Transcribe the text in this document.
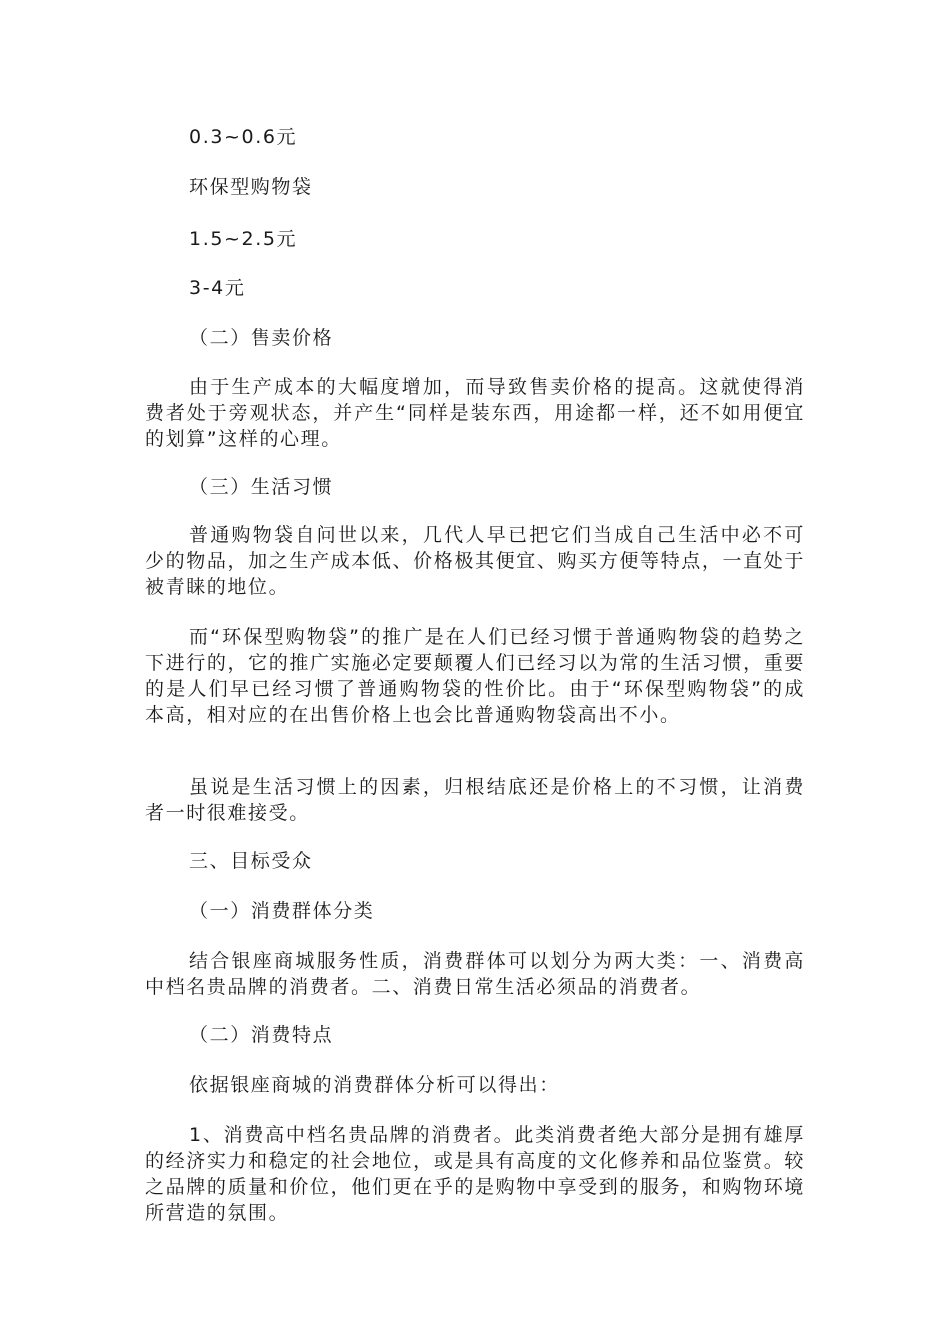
0.3~0.6元

环保型购物袋

1.5~2.5元

3-4元

（二）售卖价格

由于生产成本的大幅度增加，而导致售卖价格的提高。这就使得消费者处于旁观状态，并产生“同样是装东西，用途都一样，还不如用便宜的划算”这样的心理。

（三）生活习惯

普通购物袋自问世以来，几代人早已把它们当成自己生活中必不可少的物品，加之生产成本低、价格极其便宜、购买方便等特点，一直处于被青睐的地位。

而“环保型购物袋”的推广是在人们已经习惯于普通购物袋的趋势之下进行的，它的推广实施必定要颠覆人们已经习以为常的生活习惯，重要的是人们早已经习惯了普通购物袋的性价比。由于“环保型购物袋”的成本高，相对应的在出售价格上也会比普通购物袋高出不小。

虽说是生活习惯上的因素，归根结底还是价格上的不习惯，让消费者一时很难接受。

三、目标受众

（一）消费群体分类

结合银座商城服务性质，消费群体可以划分为两大类：一、消费高中档名贵品牌的消费者。二、消费日常生活必须品的消费者。

（二）消费特点

依据银座商城的消费群体分析可以得出：

1、消费高中档名贵品牌的消费者。此类消费者绝大部分是拥有雄厚的经济实力和稳定的社会地位，或是具有高度的文化修养和品位鉴赏。较之品牌的质量和价位，他们更在乎的是购物中享受到的服务，和购物环境所营造的氛围。
